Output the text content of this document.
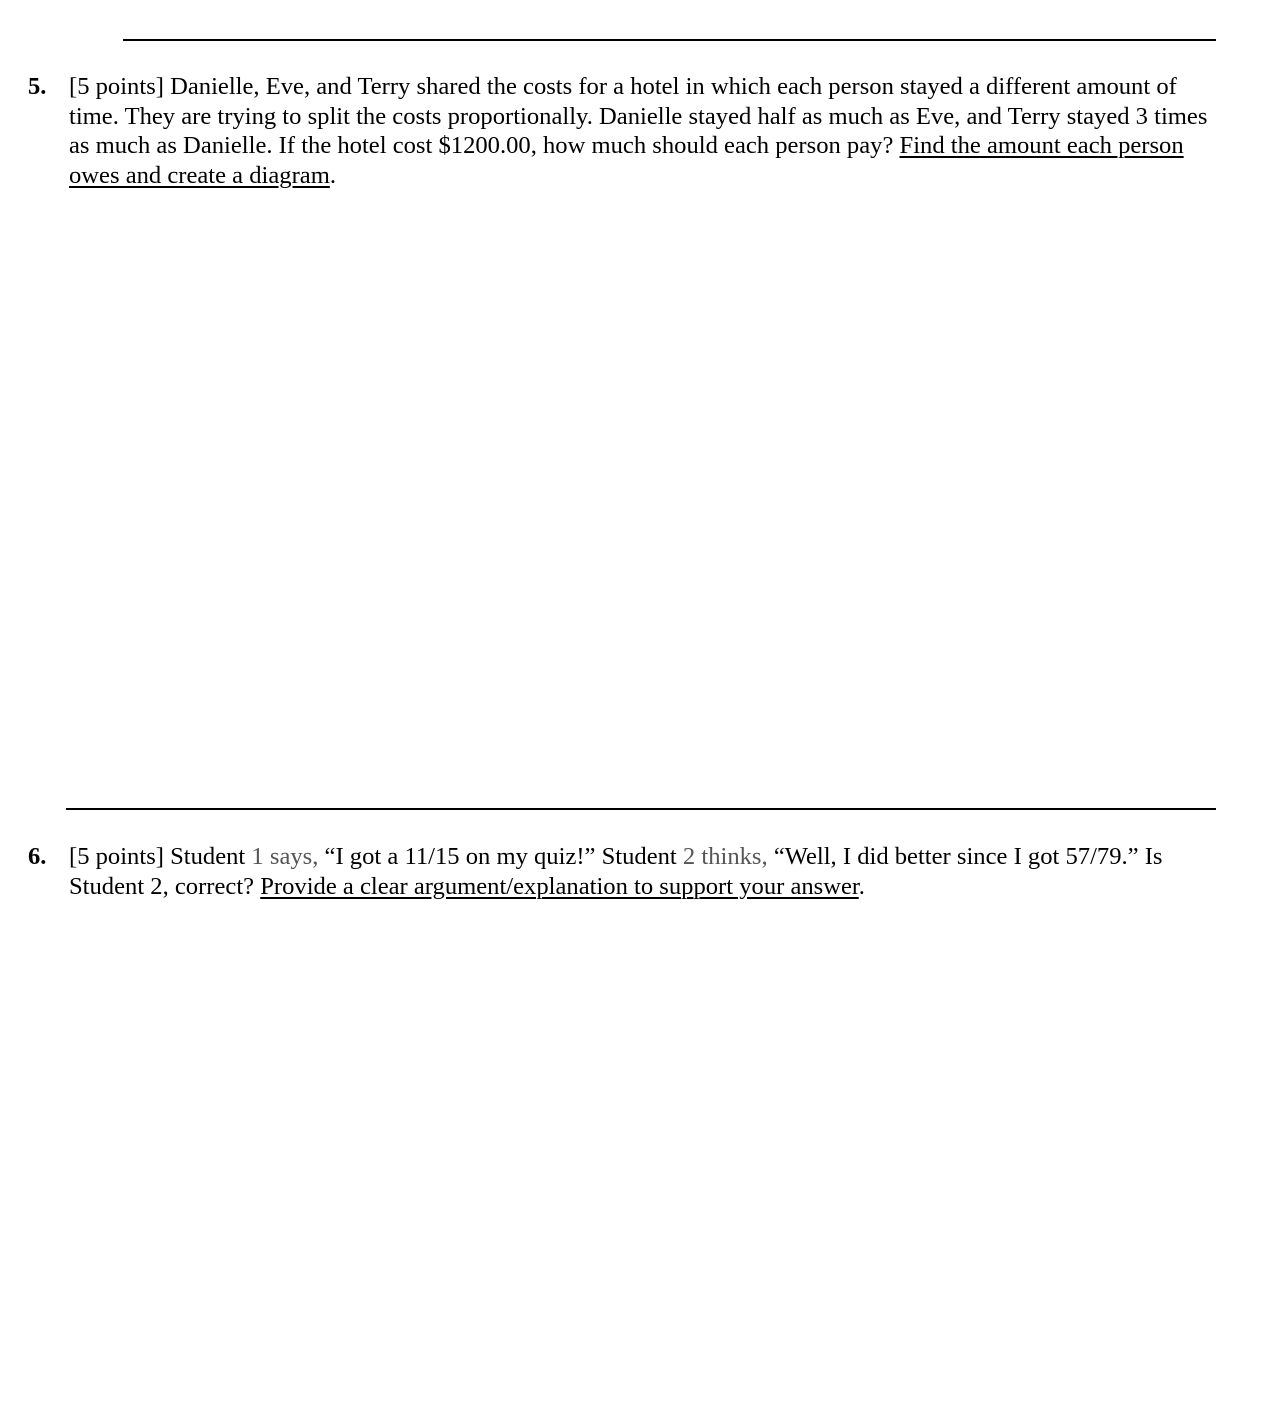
5. [5 points] Danielle, Eve, and Terry shared the costs for a hotel in which each person stayed a different amount of time. They are trying to split the costs proportionally. Danielle stayed half as much as Eve, and Terry stayed 3 times as much as Danielle. If the hotel cost $1200.00, how much should each person pay? Find the amount each person owes and create a diagram.
6. [5 points] Student 1 says, “I got a 11/15 on my quiz!” Student 2 thinks, “Well, I did better since I got 57/79.” Is Student 2, correct? Provide a clear argument/explanation to support your answer.
